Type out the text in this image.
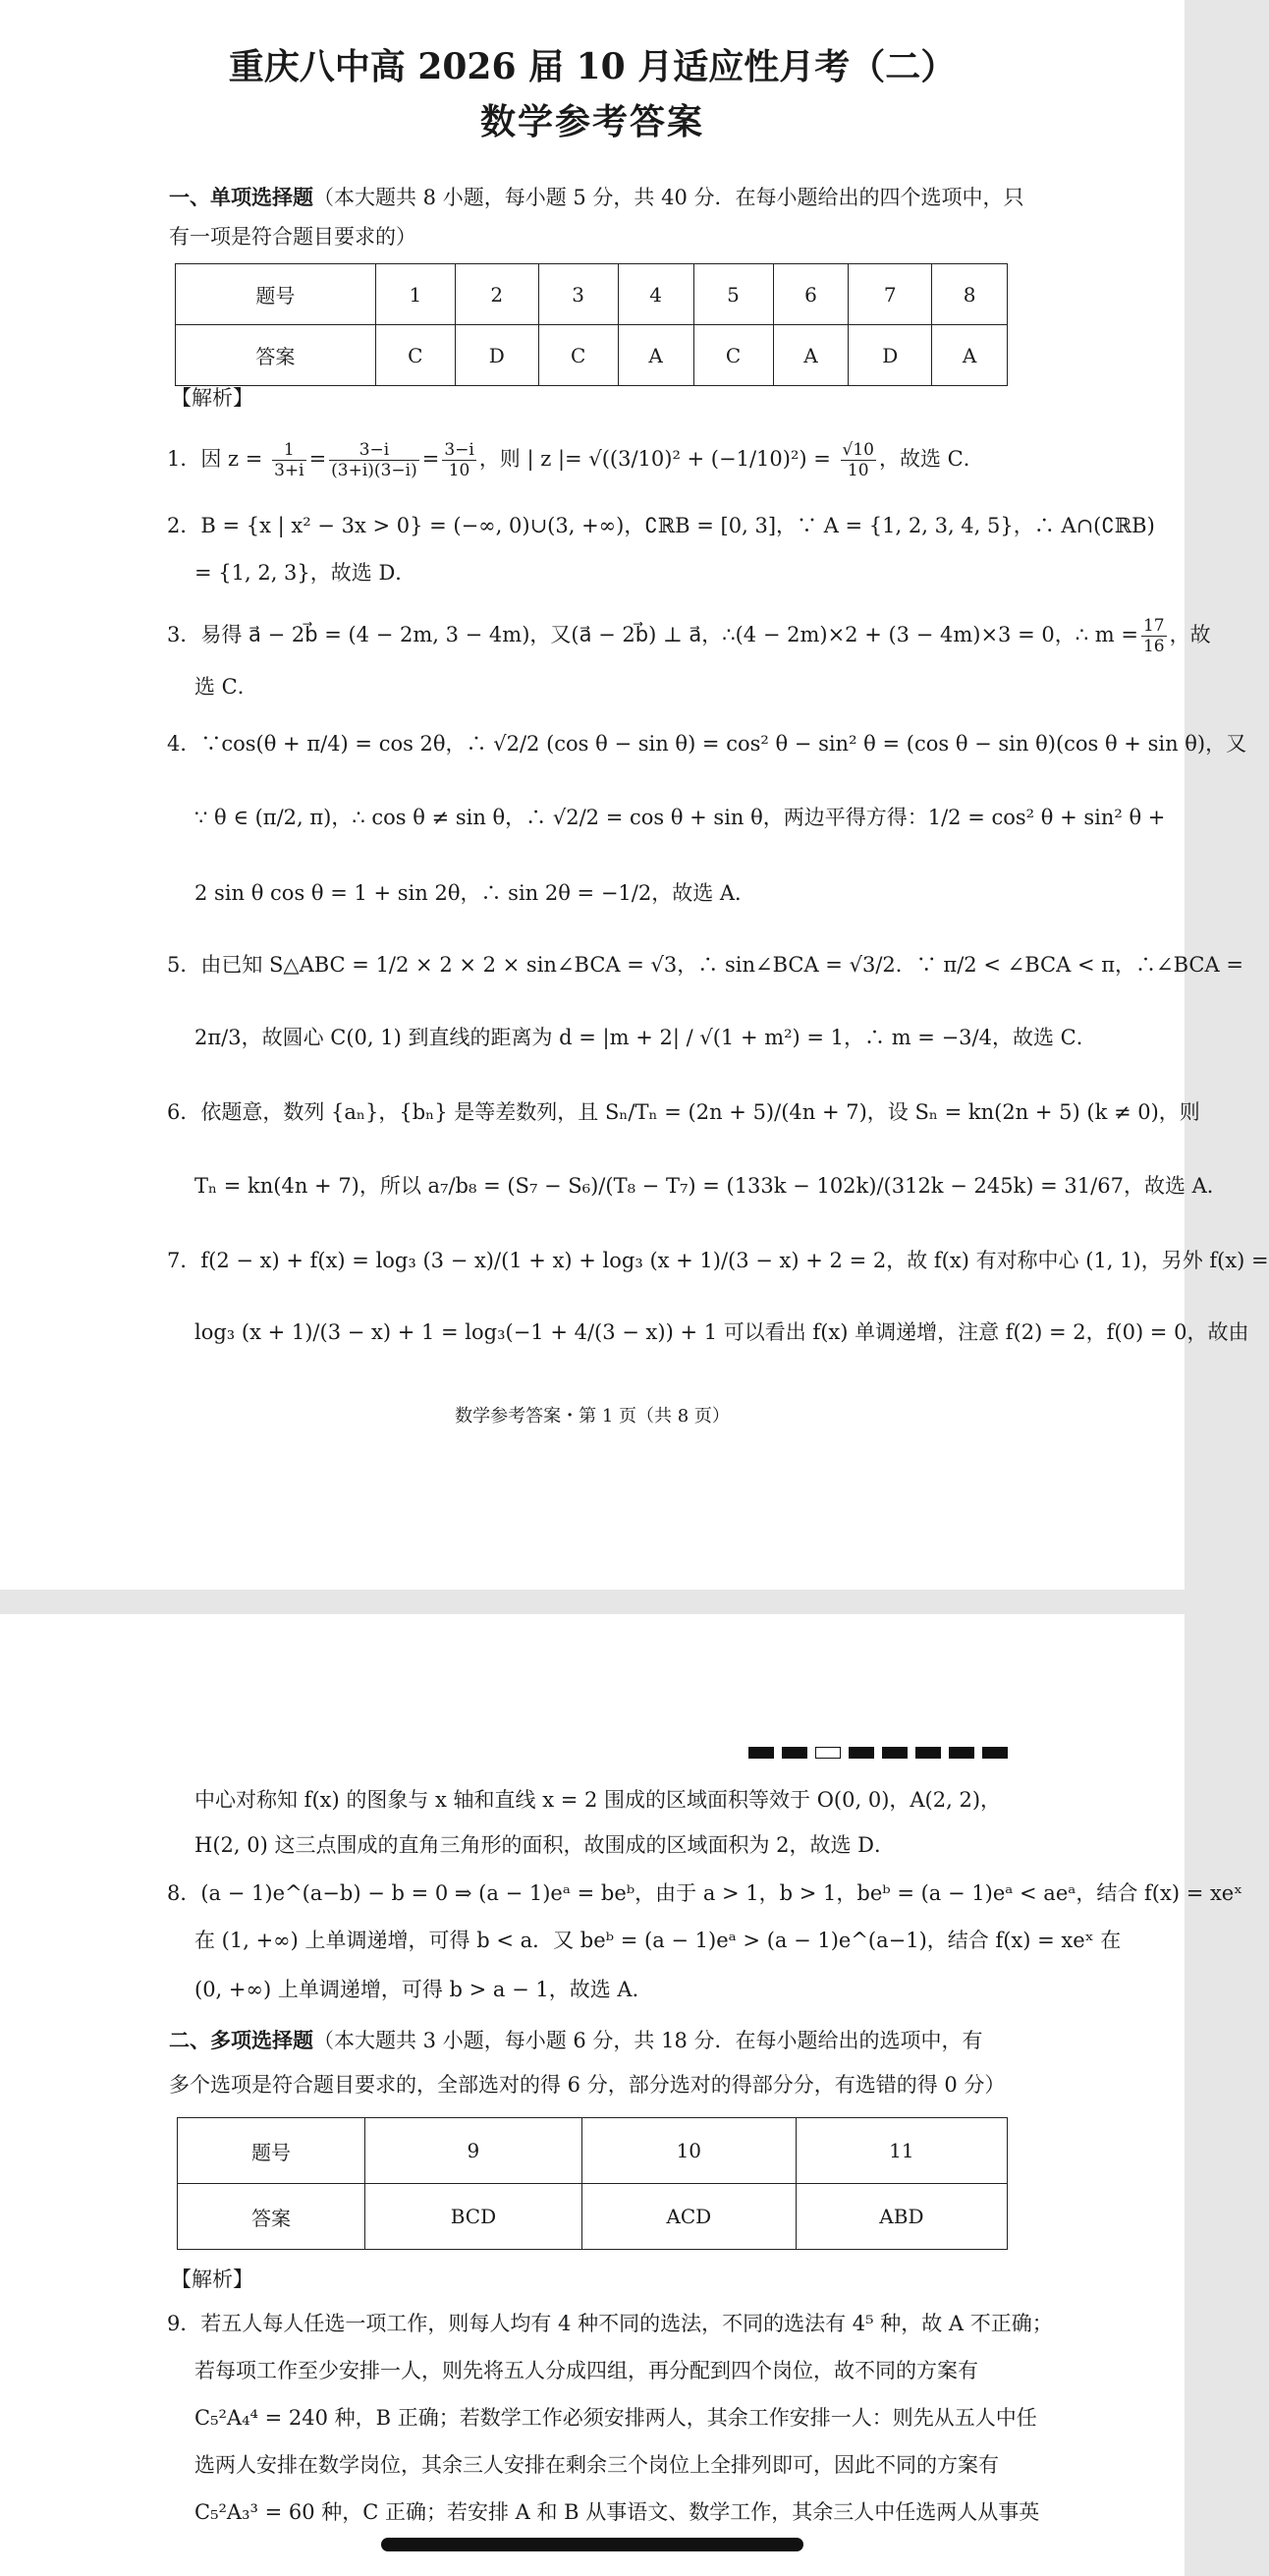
重庆八中高 2026 届 10 月适应性月考（二）
数学参考答案
一、单项选择题（本大题共 8 小题，每小题 5 分，共 40 分．在每小题给出的四个选项中，只
有一项是符合题目要求的）
题号	1	2	3	4	5	6	7	8
答案	C	D	C	A	C	A	D	A
【解析】
1．因 $z = \frac{1}{3+i} = \frac{3-i}{(3+i)(3-i)} = \frac{3-i}{10}$ ，则 | z |= $√((3/10)^2 + (-1/10)^2) = \frac{√10}{10}$ ，故选 C．
2．B = {x | x² − 3x > 0} = (−∞, 0)∪(3, +∞)，∁ℝB = [0, 3]，∵ A = {1, 2, 3, 4, 5}，∴ A∩(∁ℝB)
= {1, 2, 3}，故选 D．
3．易得 a⃗ − 2b⃗ = (4 − 2m, 3 − 4m)，又(a⃗ − 2b⃗) ⊥ a⃗，∴(4 − 2m)×2 + (3 − 4m)×3 = 0，∴ $m = \frac{17}{16}$ ，故
选 C．
4．∵cos(θ + π/4) = cos 2θ，∴ √2/2 (cos θ − sin θ) = cos² θ − sin² θ = (cos θ − sin θ)(cos θ + sin θ)，又
∵ θ ∈ (π/2, π)，∴ cos θ ≠ sin θ，∴ √2/2 = cos θ + sin θ，两边平得方得：1/2 = cos² θ + sin² θ +
2 sin θ cos θ = 1 + sin 2θ，∴ sin 2θ = −1/2，故选 A．
5．由已知 S△ABC = 1/2 × 2 × 2 × sin∠BCA = √3，∴ sin∠BCA = √3/2．∵ π/2 < ∠BCA < π，∴∠BCA =
2π/3，故圆心 C(0, 1) 到直线的距离为 d = |m + 2| / √(1 + m²) = 1，∴ m = −3/4，故选 C．
6．依题意，数列 {aₙ}，{bₙ} 是等差数列，且 Sₙ/Tₙ = (2n + 5)/(4n + 7)，设 Sₙ = kn(2n + 5) (k ≠ 0)，则
Tₙ = kn(4n + 7)，所以 a₇/b₈ = (S₇ − S₆)/(T₈ − T₇) = (133k − 102k)/(312k − 245k) = 31/67，故选 A．
7．f(2 − x) + f(x) = log₃ (3 − x)/(1 + x) + log₃ (x + 1)/(3 − x) + 2 = 2，故 f(x) 有对称中心 (1, 1)，另外 f(x) =
log₃ (x + 1)/(3 − x) + 1 = log₃(−1 + 4/(3 − x)) + 1 可以看出 f(x) 单调递增，注意 f(2) = 2，f(0) = 0，故由
数学参考答案・第 1 页（共 8 页）
中心对称知 f(x) 的图象与 x 轴和直线 x = 2 围成的区域面积等效于 O(0, 0)，A(2, 2)，
H(2, 0) 这三点围成的直角三角形的面积，故围成的区域面积为 2，故选 D．
8．(a − 1)e^(a−b) − b = 0 ⇒ (a − 1)eᵃ = beᵇ，由于 a > 1，b > 1，beᵇ = (a − 1)eᵃ < aeᵃ，结合 f(x) = xeˣ
在 (1, +∞) 上单调递增，可得 b < a．又 beᵇ = (a − 1)eᵃ > (a − 1)e^(a−1)，结合 f(x) = xeˣ 在
(0, +∞) 上单调递增，可得 b > a − 1，故选 A．
二、多项选择题（本大题共 3 小题，每小题 6 分，共 18 分．在每小题给出的选项中，有
多个选项是符合题目要求的，全部选对的得 6 分，部分选对的得部分分，有选错的得 0 分）
题号	9	10	11
答案	BCD	ACD	ABD
【解析】
9．若五人每人任选一项工作，则每人均有 4 种不同的选法，不同的选法有 4⁵ 种，故 A 不正确；
若每项工作至少安排一人，则先将五人分成四组，再分配到四个岗位，故不同的方案有
C₅²A₄⁴ = 240 种，B 正确；若数学工作必须安排两人，其余工作安排一人：则先从五人中任
选两人安排在数学岗位，其余三人安排在剩余三个岗位上全排列即可，因此不同的方案有
C₅²A₃³ = 60 种，C 正确；若安排 A 和 B 从事语文、数学工作，其余三人中任选两人从事英
